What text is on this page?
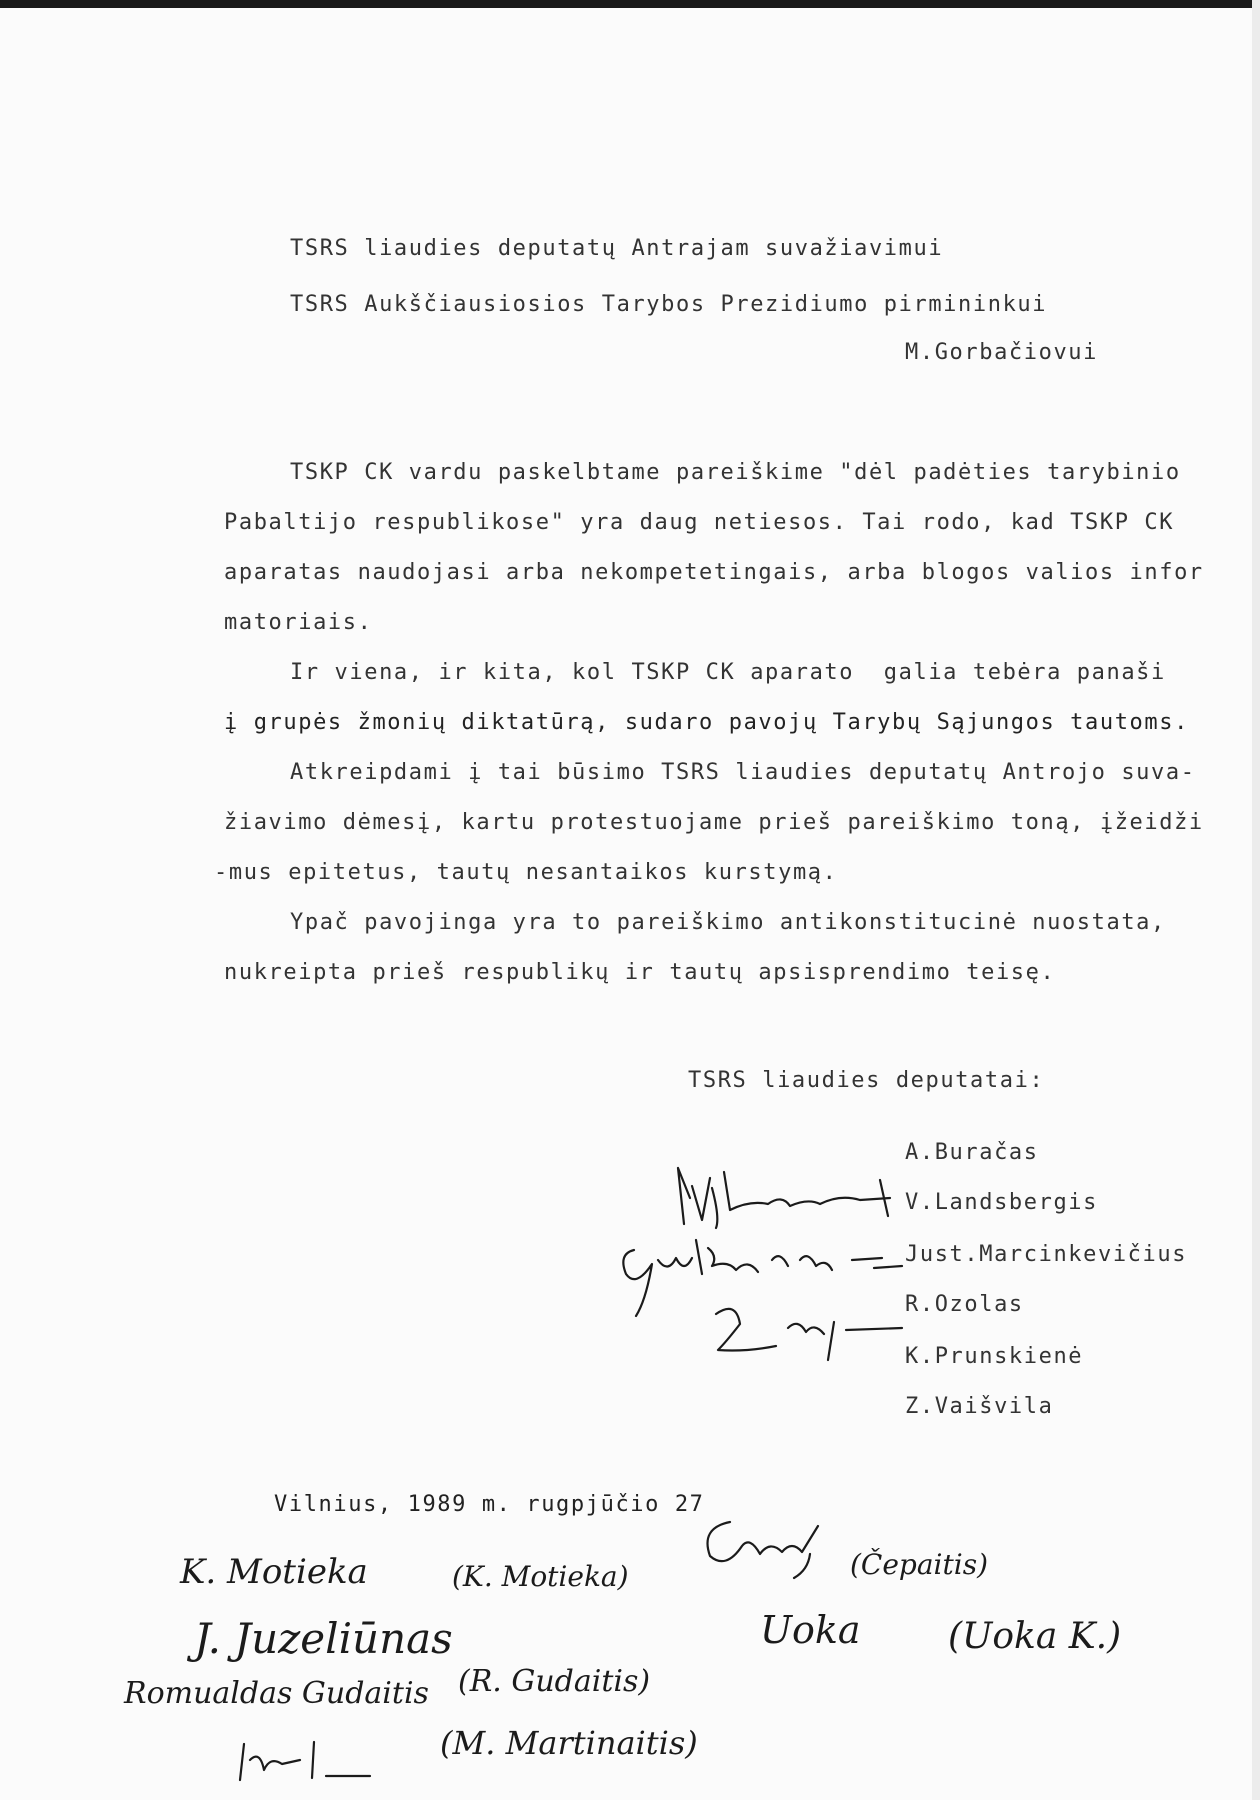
TSRS liaudies deputatų Antrajam suvažiavimui
TSRS Aukščiausiosios Tarybos Prezidiumo pirmininkui
M.Gorbačiovui
TSKP CK vardu paskelbtame pareiškime "dėl padėties tarybinio
Pabaltijo respublikose" yra daug netiesos. Tai rodo, kad TSKP CK
aparatas naudojasi arba nekompetetingais, arba blogos valios infor
matoriais.
Ir viena, ir kita, kol TSKP CK aparato  galia tebėra panaši
į grupės žmonių diktatūrą, sudaro pavojų Tarybų Sąjungos tautoms.
Atkreipdami į tai būsimo TSRS liaudies deputatų Antrojo suva-
žiavimo dėmesį, kartu protestuojame prieš pareiškimo toną, įžeidži
-mus epitetus, tautų nesantaikos kurstymą.
Ypač pavojinga yra to pareiškimo antikonstitucinė nuostata,
nukreipta prieš respublikų ir tautų apsisprendimo teisę.
TSRS liaudies deputatai:
A.Buračas
V.Landsbergis
Just.Marcinkevičius
R.Ozolas
K.Prunskienė
Z.Vaišvila
Vilnius, 1989 m. rugpjūčio 27
K. Motieka	(K. Motieka)
J. Juzeliūnas
Romualdas Gudaitis (R. Gudaitis)
(M. Martinaitis)
(Čepaitis)
Uoka (Uoka K.)
